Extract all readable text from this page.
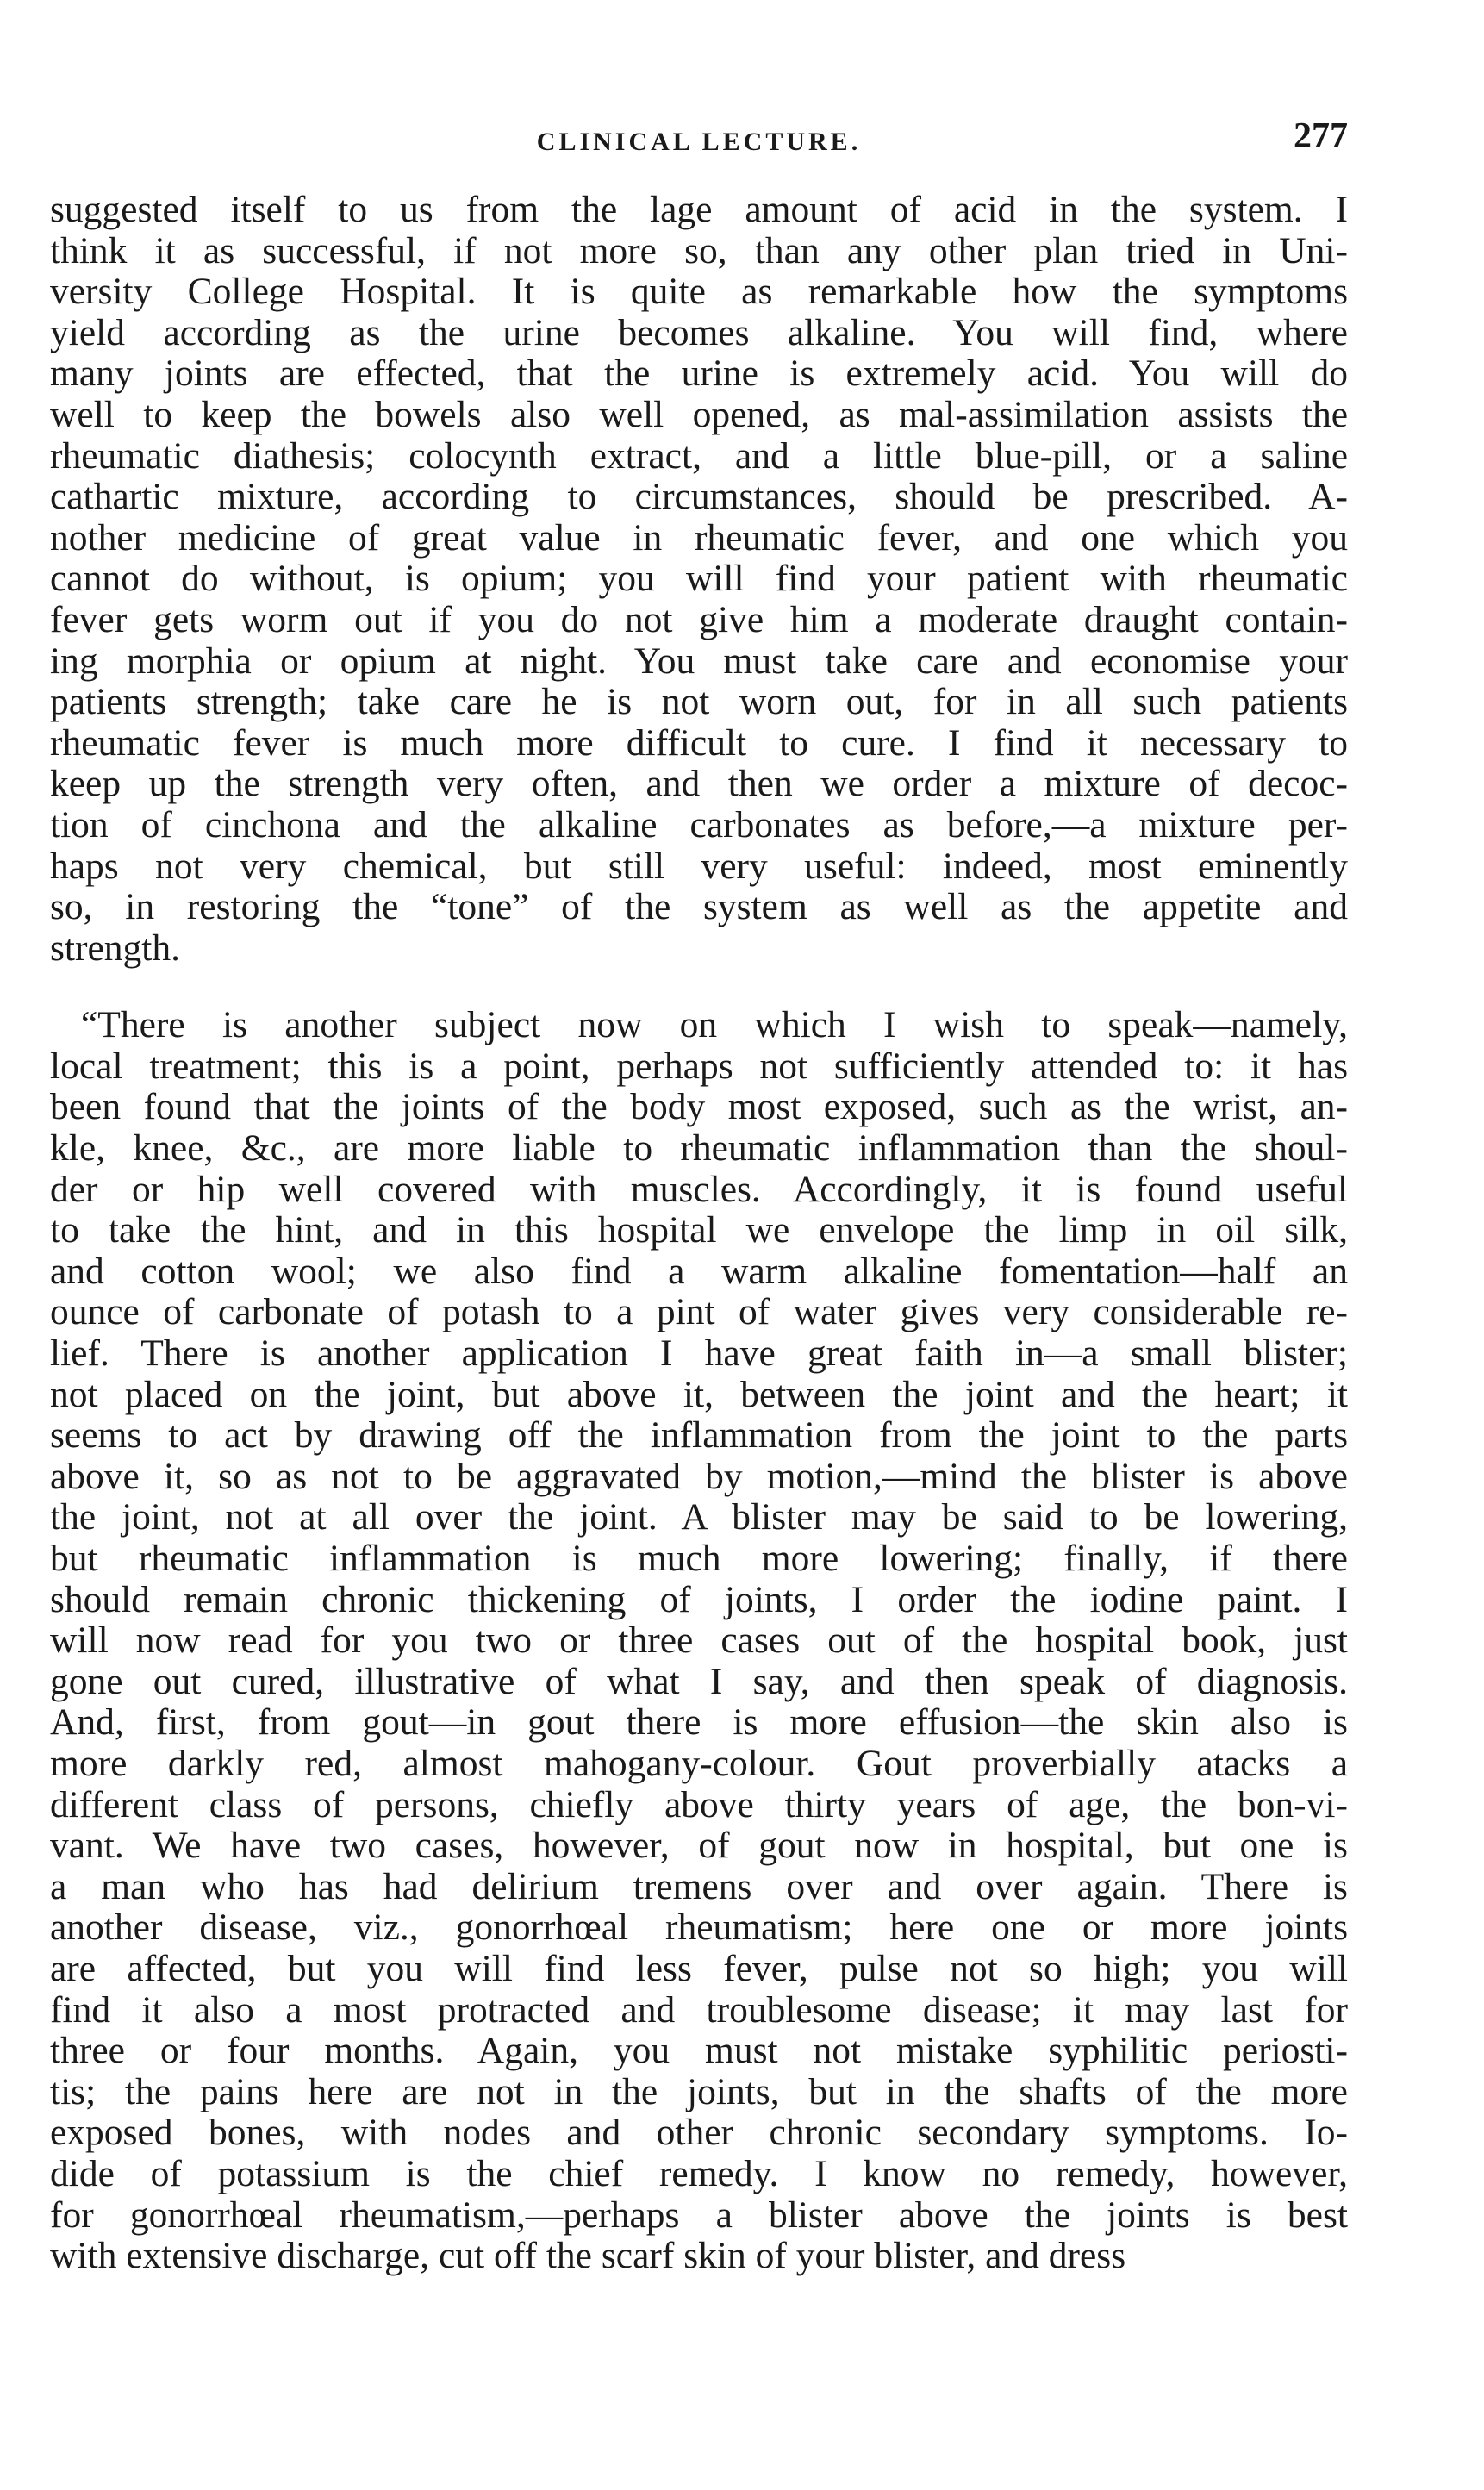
CLINICAL LECTURE.	277
suggested itself to us from the lage amount of acid in the system. I
think it as successful, if not more so, than any other plan tried in Uni-
versity College Hospital. It is quite as remarkable how the symptoms
yield according as the urine becomes alkaline. You will find, where
many joints are effected, that the urine is extremely acid. You will do
well to keep the bowels also well opened, as mal-assimilation assists the
rheumatic diathesis; colocynth extract, and a little blue-pill, or a saline
cathartic mixture, according to circumstances, should be prescribed. A-
nother medicine of great value in rheumatic fever, and one which you
cannot do without, is opium; you will find your patient with rheumatic
fever gets worm out if you do not give him a moderate draught contain-
ing morphia or opium at night. You must take care and economise your
patients strength; take care he is not worn out, for in all such patients
rheumatic fever is much more difficult to cure. I find it necessary to
keep up the strength very often, and then we order a mixture of decoc-
tion of cinchona and the alkaline carbonates as before,—a mixture per-
haps not very chemical, but still very useful: indeed, most eminently
so, in restoring the “tone” of the system as well as the appetite and
strength.
“There is another subject now on which I wish to speak—namely,
local treatment; this is a point, perhaps not sufficiently attended to: it has
been found that the joints of the body most exposed, such as the wrist, an-
kle, knee, &c., are more liable to rheumatic inflammation than the shoul-
der or hip well covered with muscles. Accordingly, it is found useful
to take the hint, and in this hospital we envelope the limp in oil silk,
and cotton wool; we also find a warm alkaline fomentation—half an
ounce of carbonate of potash to a pint of water gives very considerable re-
lief. There is another application I have great faith in—a small blister;
not placed on the joint, but above it, between the joint and the heart; it
seems to act by drawing off the inflammation from the joint to the parts
above it, so as not to be aggravated by motion,—mind the blister is above
the joint, not at all over the joint. A blister may be said to be lowering,
but rheumatic inflammation is much more lowering; finally, if there
should remain chronic thickening of joints, I order the iodine paint. I
will now read for you two or three cases out of the hospital book, just
gone out cured, illustrative of what I say, and then speak of diagnosis.
And, first, from gout—in gout there is more effusion—the skin also is
more darkly red, almost mahogany-colour. Gout proverbially atacks a
different class of persons, chiefly above thirty years of age, the bon-vi-
vant. We have two cases, however, of gout now in hospital, but one is
a man who has had delirium tremens over and over again. There is
another disease, viz., gonorrhœal rheumatism; here one or more joints
are affected, but you will find less fever, pulse not so high; you will
find it also a most protracted and troublesome disease; it may last for
three or four months. Again, you must not mistake syphilitic periosti-
tis; the pains here are not in the joints, but in the shafts of the more
exposed bones, with nodes and other chronic secondary symptoms. Io-
dide of potassium is the chief remedy. I know no remedy, however,
for gonorrhœal rheumatism,—perhaps a blister above the joints is best
with extensive discharge, cut off the scarf skin of your blister, and dress
